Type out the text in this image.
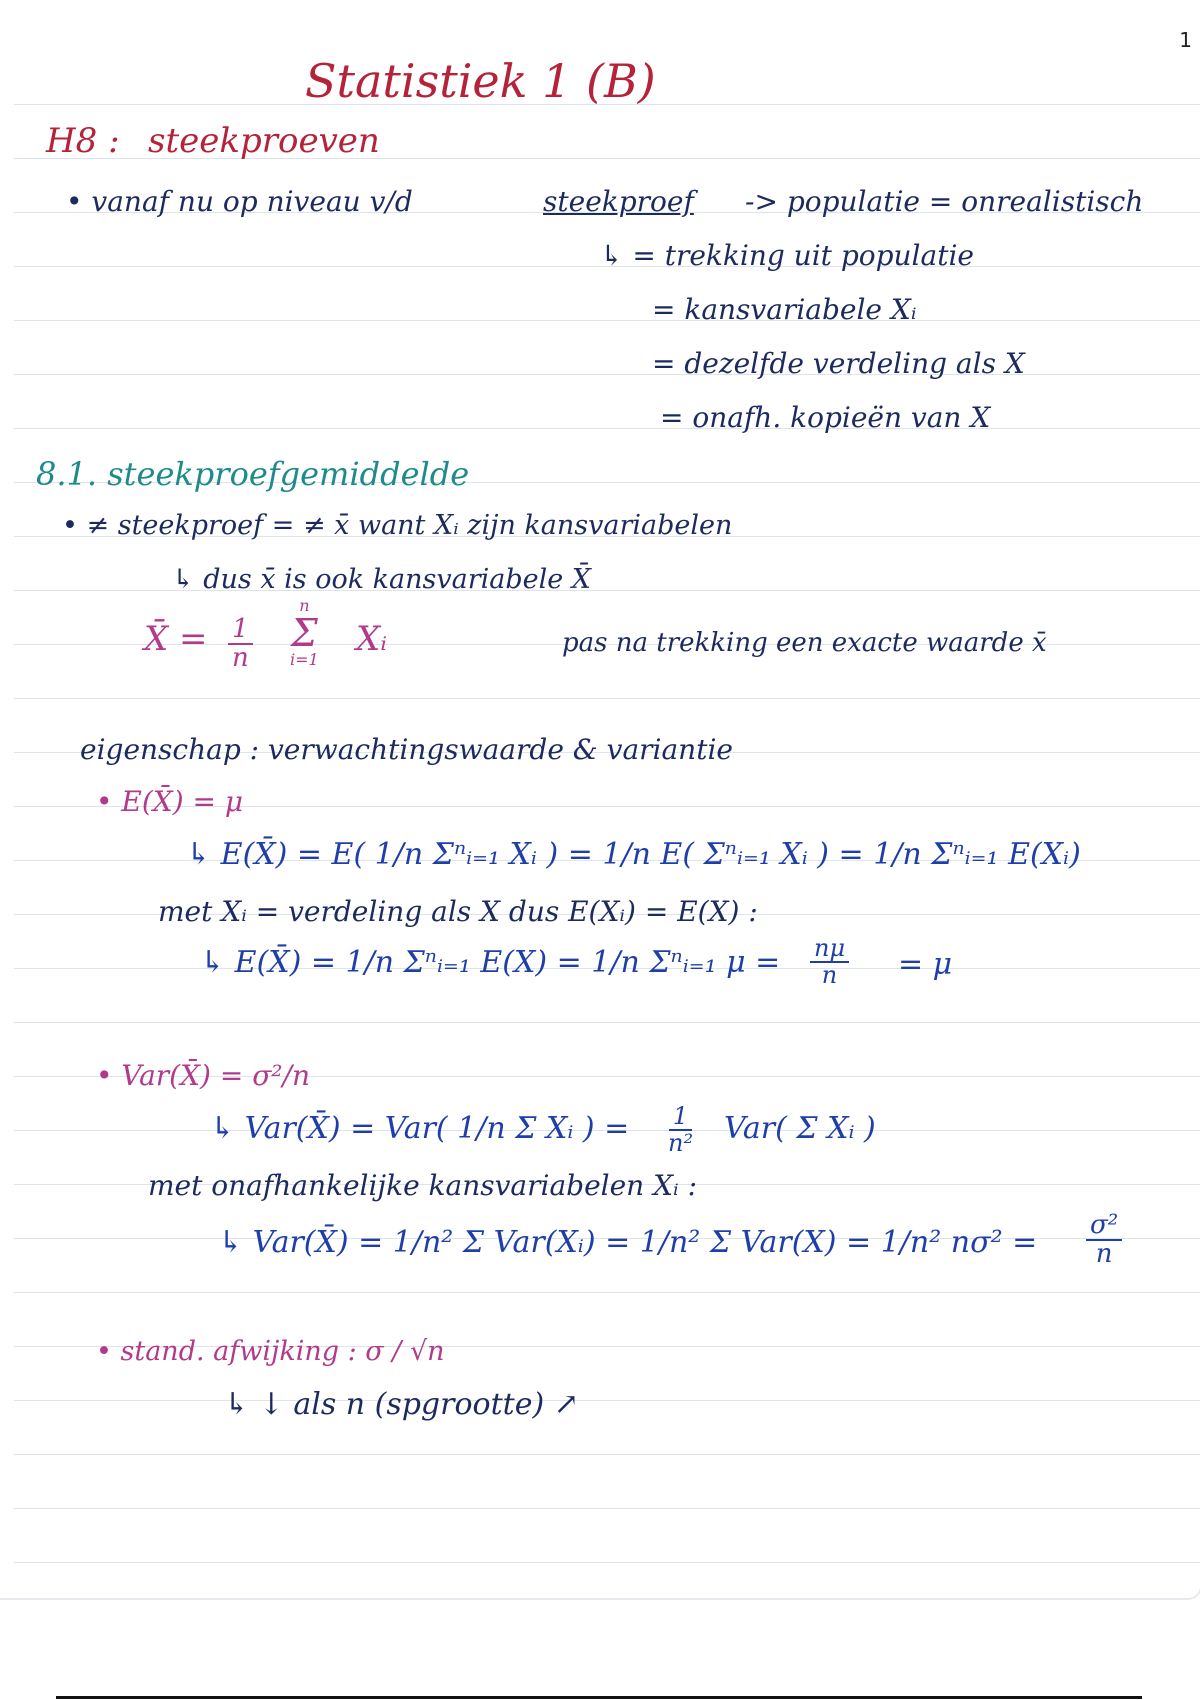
1
Statistiek 1 (B)
H8 : steekproeven
• vanaf nu op niveau v/d	steekproef -> populatie = onrealistisch
↳ = trekking uit populatie
= kansvariabele Xᵢ
= dezelfde verdeling als X
= onafh. kopieën van X
8.1. steekproefgemiddelde
• ≠ steekproef = ≠ x̄ want Xᵢ zijn kansvariabelen
↳ dus x̄ is ook kansvariabele X̄
X̄ = $\frac{1}{n}$
n
Σ
i=1
Xᵢ	pas na trekking een exacte waarde x̄
eigenschap : verwachtingswaarde & variantie
• E(X̄) = μ
↳ E(X̄) = E( 1/n Σⁿᵢ₌₁ Xᵢ ) = 1/n E( Σⁿᵢ₌₁ Xᵢ ) = 1/n Σⁿᵢ₌₁ E(Xᵢ)
met Xᵢ = verdeling als X dus E(Xᵢ) = E(X) :
↳ E(X̄) = 1/n Σⁿᵢ₌₁ E(X) = 1/n Σⁿᵢ₌₁ $\mu = \frac{n\mu}{n} = \mu$
• Var(X̄) = σ²/n
↳ Var(X̄) = Var( 1/n Σ Xᵢ ) = $\frac{1}{\text{n²}} Var$( Σ Xᵢ )
met onafhankelijke kansvariabelen Xᵢ :
↳ Var(X̄) = 1/n² Σ Var(Xᵢ) = 1/n² Σ Var(X) = 1/n² $n\sigma^2 = \frac{\text{σ²}}{n}$
• stand. afwijking : σ / √n
↳ ↓ als n (spgrootte) ↗
